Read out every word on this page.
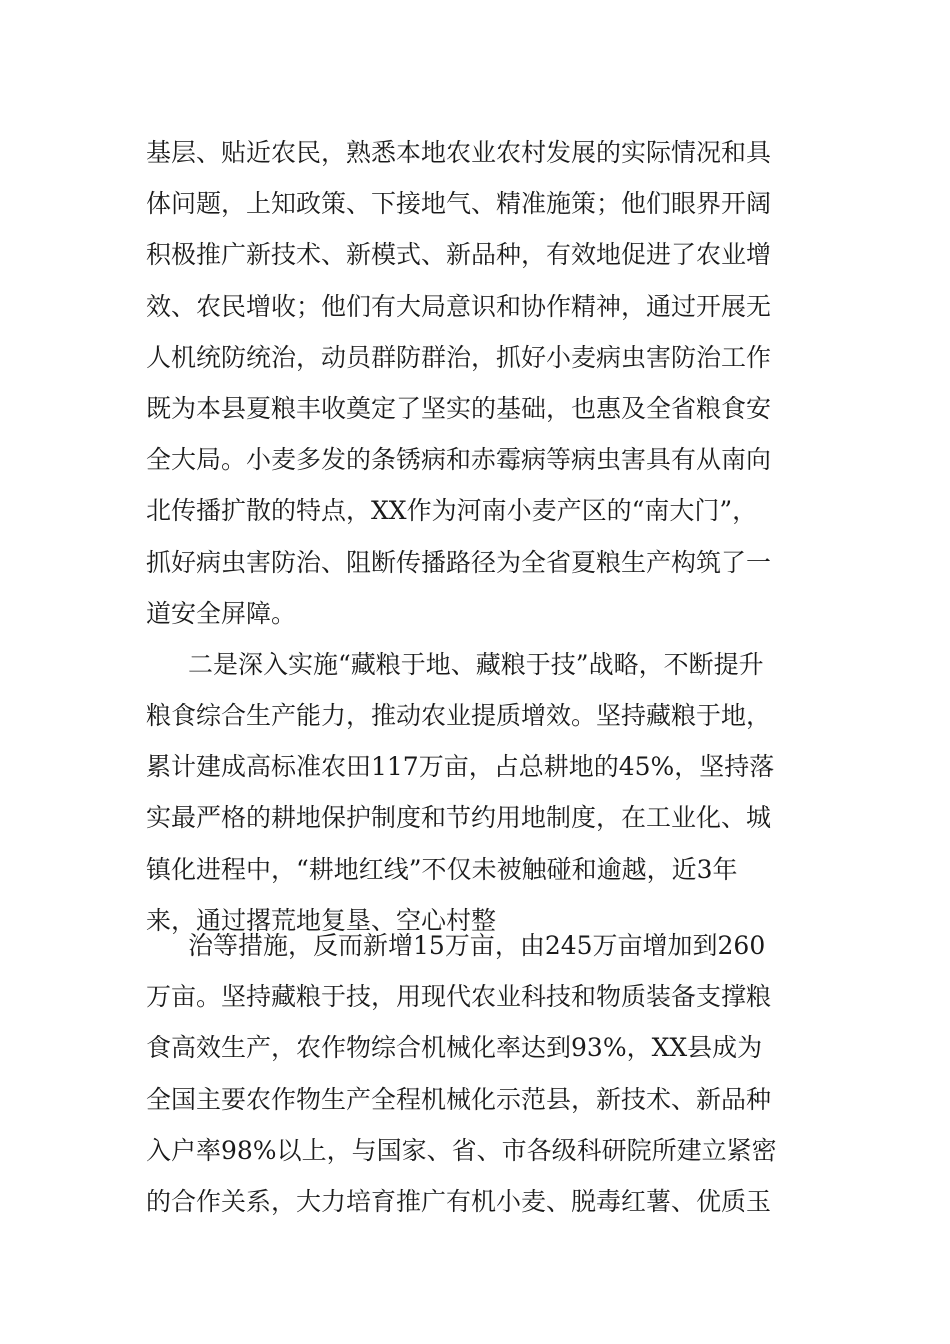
基层、贴近农民，熟悉本地农业农村发展的实际情况和具
体问题，上知政策、下接地气、精准施策；他们眼界开阔
积极推广新技术、新模式、新品种，有效地促进了农业增
效、农民增收；他们有大局意识和协作精神，通过开展无
人机统防统治，动员群防群治，抓好小麦病虫害防治工作
既为本县夏粮丰收奠定了坚实的基础，也惠及全省粮食安
全大局。小麦多发的条锈病和赤霉病等病虫害具有从南向
北传播扩散的特点，XX作为河南小麦产区的“南大门”，
抓好病虫害防治、阻断传播路径为全省夏粮生产构筑了一
道安全屏障。
二是深入实施“藏粮于地、藏粮于技”战略，不断提升
粮食综合生产能力，推动农业提质增效。坚持藏粮于地，
累计建成高标准农田117万亩，占总耕地的45%，坚持落
实最严格的耕地保护制度和节约用地制度，在工业化、城
镇化进程中，“耕地红线”不仅未被触碰和逾越，近3年
来，通过撂荒地复垦、空心村整
治等措施，反而新增15万亩，由245万亩增加到260
万亩。坚持藏粮于技，用现代农业科技和物质装备支撑粮
食高效生产，农作物综合机械化率达到93%，XX县成为
全国主要农作物生产全程机械化示范县，新技术、新品种
入户率98%以上，与国家、省、市各级科研院所建立紧密
的合作关系，大力培育推广有机小麦、脱毒红薯、优质玉
